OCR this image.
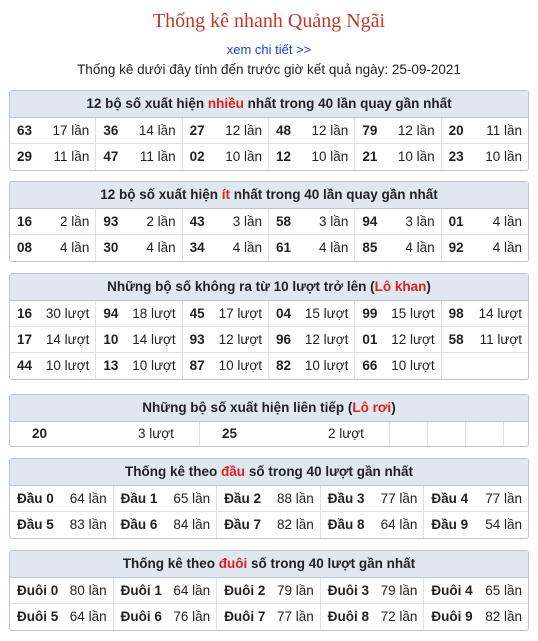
Thống kê nhanh Quảng Ngãi
xem chi tiết >>
Thống kê dưới đây tính đến trước giờ kết quả ngày: 25-09-2021
12 bộ số xuất hiện nhiều nhất trong 40 lần quay gần nhất
63 17 lần 36 14 lần 27 12 lần 48 12 lần 79 12 lần 20 11 lần
29 11 lần 47 11 lần 02 10 lần 12 10 lần 21 10 lần 23 10 lần
12 bộ số xuất hiện ít nhất trong 40 lần quay gần nhất
16 2 lần 93 2 lần 43 3 lần 58 3 lần 94 3 lần 01 4 lần
08 4 lần 30 4 lần 34 4 lần 61 4 lần 85 4 lần 92 4 lần
Những bộ số không ra từ 10 lượt trở lên (Lô khan)
16 30 lượt 94 18 lượt 45 17 lượt 04 15 lượt 99 15 lượt 98 14 lượt
17 14 lượt 10 14 lượt 93 12 lượt 96 12 lượt 01 12 lượt 58 11 lượt
44 10 lượt 13 10 lượt 87 10 lượt 82 10 lượt 66 10 lượt
Những bộ số xuất hiện liên tiếp (Lô rơi)
20	3 lượt	25	2 lượt
Thống kê theo đầu số trong 40 lượt gần nhất
Đầu 0 64 lần Đầu 1 65 lần Đầu 2 88 lần Đầu 3 77 lần Đầu 4 77 lần
Đầu 5 83 lần Đầu 6 84 lần Đầu 7 82 lần Đầu 8 64 lần Đầu 9 54 lần
Thống kê theo đuôi số trong 40 lượt gần nhất
Đuôi 0 80 lần Đuôi 1 64 lần Đuôi 2 79 lần Đuôi 3 79 lần Đuôi 4 65 lần
Đuôi 5 64 lần Đuôi 6 76 lần Đuôi 7 77 lần Đuôi 8 72 lần Đuôi 9 82 lần
